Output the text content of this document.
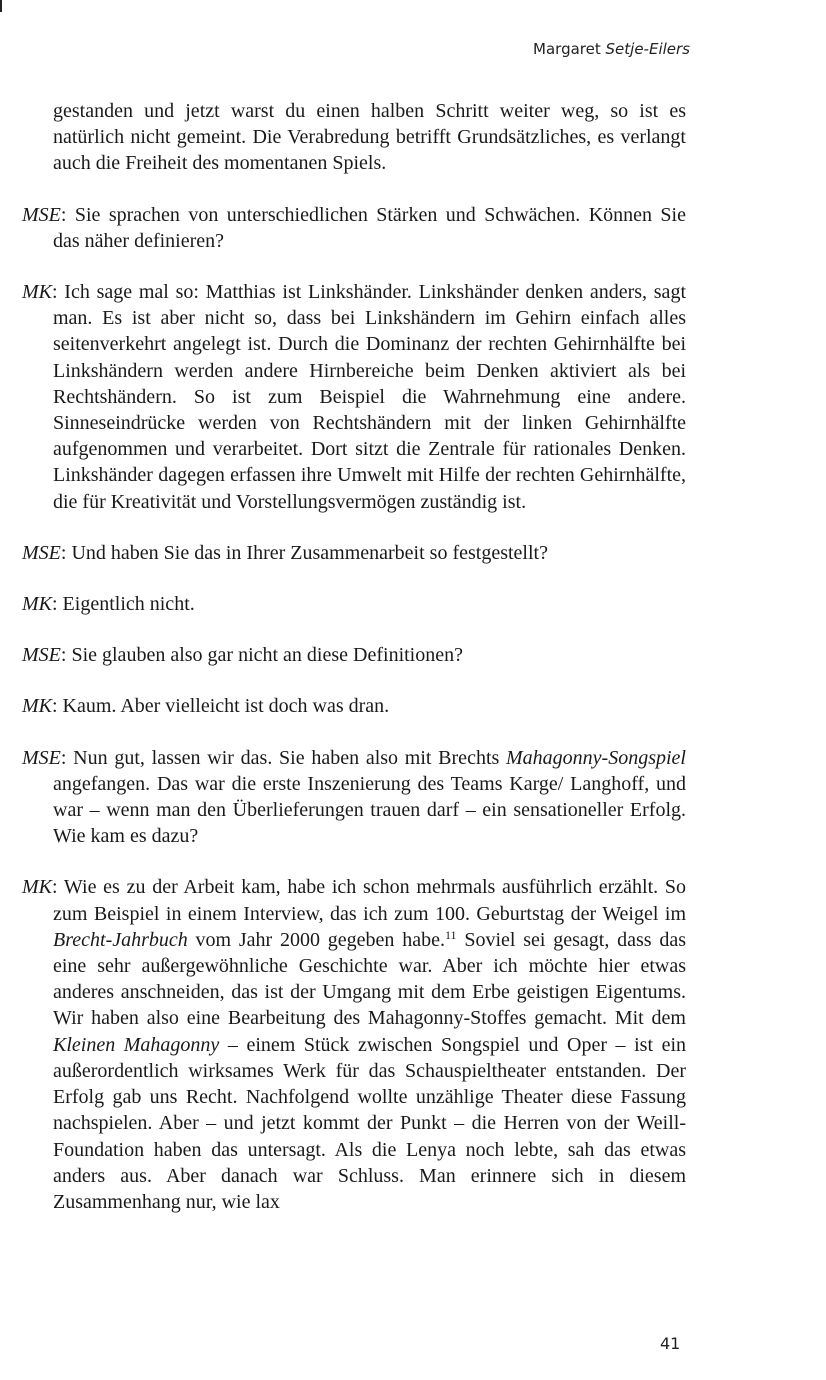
Margaret Setje-Eilers

gestanden und jetzt warst du einen halben Schritt weiter weg, so ist es natürlich nicht gemeint. Die Verabredung betrifft Grundsätzliches, es verlangt auch die Freiheit des momentanen Spiels.

MSE: Sie sprachen von unterschiedlichen Stärken und Schwächen. Können Sie das näher definieren?

MK: Ich sage mal so: Matthias ist Linkshänder. Linkshänder denken anders, sagt man. Es ist aber nicht so, dass bei Linkshändern im Gehirn einfach alles seitenverkehrt angelegt ist. Durch die Dominanz der rechten Gehirnhälfte bei Linkshändern werden andere Hirnbereiche beim Denken aktiviert als bei Rechtshändern. So ist zum Beispiel die Wahrnehmung eine andere. Sinneseindrücke werden von Rechtshändern mit der linken Gehirnhälfte aufgenommen und verarbeitet. Dort sitzt die Zentrale für rationales Denken. Linkshänder dagegen erfassen ihre Umwelt mit Hilfe der rechten Gehirnhälfte, die für Kreativität und Vorstellungsvermögen zuständig ist.

MSE: Und haben Sie das in Ihrer Zusammenarbeit so festgestellt?

MK: Eigentlich nicht.

MSE: Sie glauben also gar nicht an diese Definitionen?

MK: Kaum. Aber vielleicht ist doch was dran.

MSE: Nun gut, lassen wir das. Sie haben also mit Brechts Mahagonny-Songspiel angefangen. Das war die erste Inszenierung des Teams Karge/ Langhoff, und war – wenn man den Überlieferungen trauen darf – ein sensationeller Erfolg. Wie kam es dazu?

MK: Wie es zu der Arbeit kam, habe ich schon mehrmals ausführlich erzählt. So zum Beispiel in einem Interview, das ich zum 100. Geburtstag der Weigel im Brecht-Jahrbuch vom Jahr 2000 gegeben habe.$^{11}$ Soviel sei gesagt, dass das eine sehr außergewöhnliche Geschichte war. Aber ich möchte hier etwas anderes anschneiden, das ist der Umgang mit dem Erbe geistigen Eigentums. Wir haben also eine Bearbeitung des Mahagonny-Stoffes gemacht. Mit dem Kleinen Mahagonny – einem Stück zwischen Songspiel und Oper – ist ein außerordentlich wirksames Werk für das Schauspieltheater entstanden. Der Erfolg gab uns Recht. Nachfolgend wollte unzählige Theater diese Fassung nachspielen. Aber – und jetzt kommt der Punkt – die Herren von der Weill-Foundation haben das untersagt. Als die Lenya noch lebte, sah das etwas anders aus. Aber danach war Schluss. Man erinnere sich in diesem Zusammenhang nur, wie lax

41
